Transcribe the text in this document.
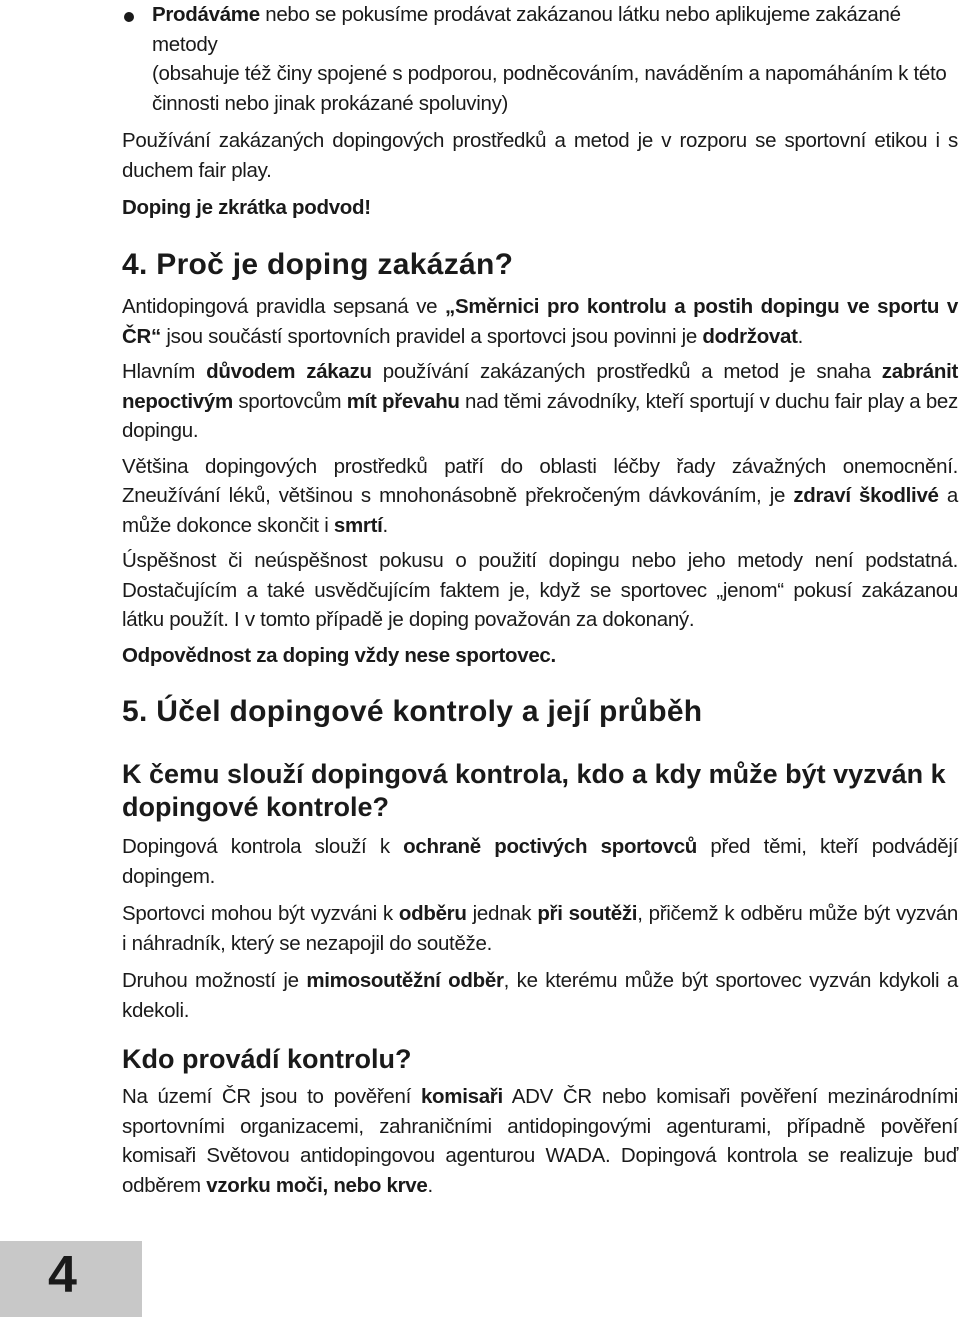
Prodáváme nebo se pokusíme prodávat zakázanou látku nebo aplikujeme zakázané metody

(obsahuje též činy spojené s podporou, podněcováním, naváděním a napomáháním k této činnosti nebo jinak prokázané spoluviny)

Používání zakázaných dopingových prostředků a metod je v rozporu se sportovní etikou i s duchem fair play.

Doping je zkrátka podvod!

4. Proč je doping zakázán?

Antidopingová pravidla sepsaná ve „Směrnici pro kontrolu a postih dopingu ve sportu v ČR“ jsou součástí sportovních pravidel a sportovci jsou povinni je dodržovat.

Hlavním důvodem zákazu používání zakázaných prostředků a metod je snaha zabránit nepoctivým sportovcům mít převahu nad těmi závodníky, kteří sportují v duchu fair play a bez dopingu.

Většina dopingových prostředků patří do oblasti léčby řady závažných onemocnění. Zneužívání léků, většinou s mnohonásobně překročeným dávkováním, je zdraví škodlivé a může dokonce skončit i smrtí.

Úspěšnost či neúspěšnost pokusu o použití dopingu nebo jeho metody není podstatná. Dostačujícím a také usvědčujícím faktem je, když se sportovec „jenom“ pokusí zakázanou látku použít. I v tomto případě je doping považován za dokonaný.

Odpovědnost za doping vždy nese sportovec.

5. Účel dopingové kontroly a její průběh
K čemu slouží dopingová kontrola, kdo a kdy může být vyzván k dopingové kontrole?

Dopingová kontrola slouží k ochraně poctivých sportovců před těmi, kteří podvádějí dopingem.

Sportovci mohou být vyzváni k odběru jednak při soutěži, přičemž k odběru může být vyzván i náhradník, který se nezapojil do soutěže.

Druhou možností je mimosoutěžní odběr, ke kterému může být sportovec vyzván kdykoli a kdekoli.

Kdo provádí kontrolu?

Na území ČR jsou to pověření komisaři ADV ČR nebo komisaři pověření mezinárodními sportovními organizacemi, zahraničními antidopingovými agenturami, případně pověření komisaři Světovou antidopingovou agenturou WADA. Dopingová kontrola se realizuje buď odběrem vzorku moči, nebo krve.

4
